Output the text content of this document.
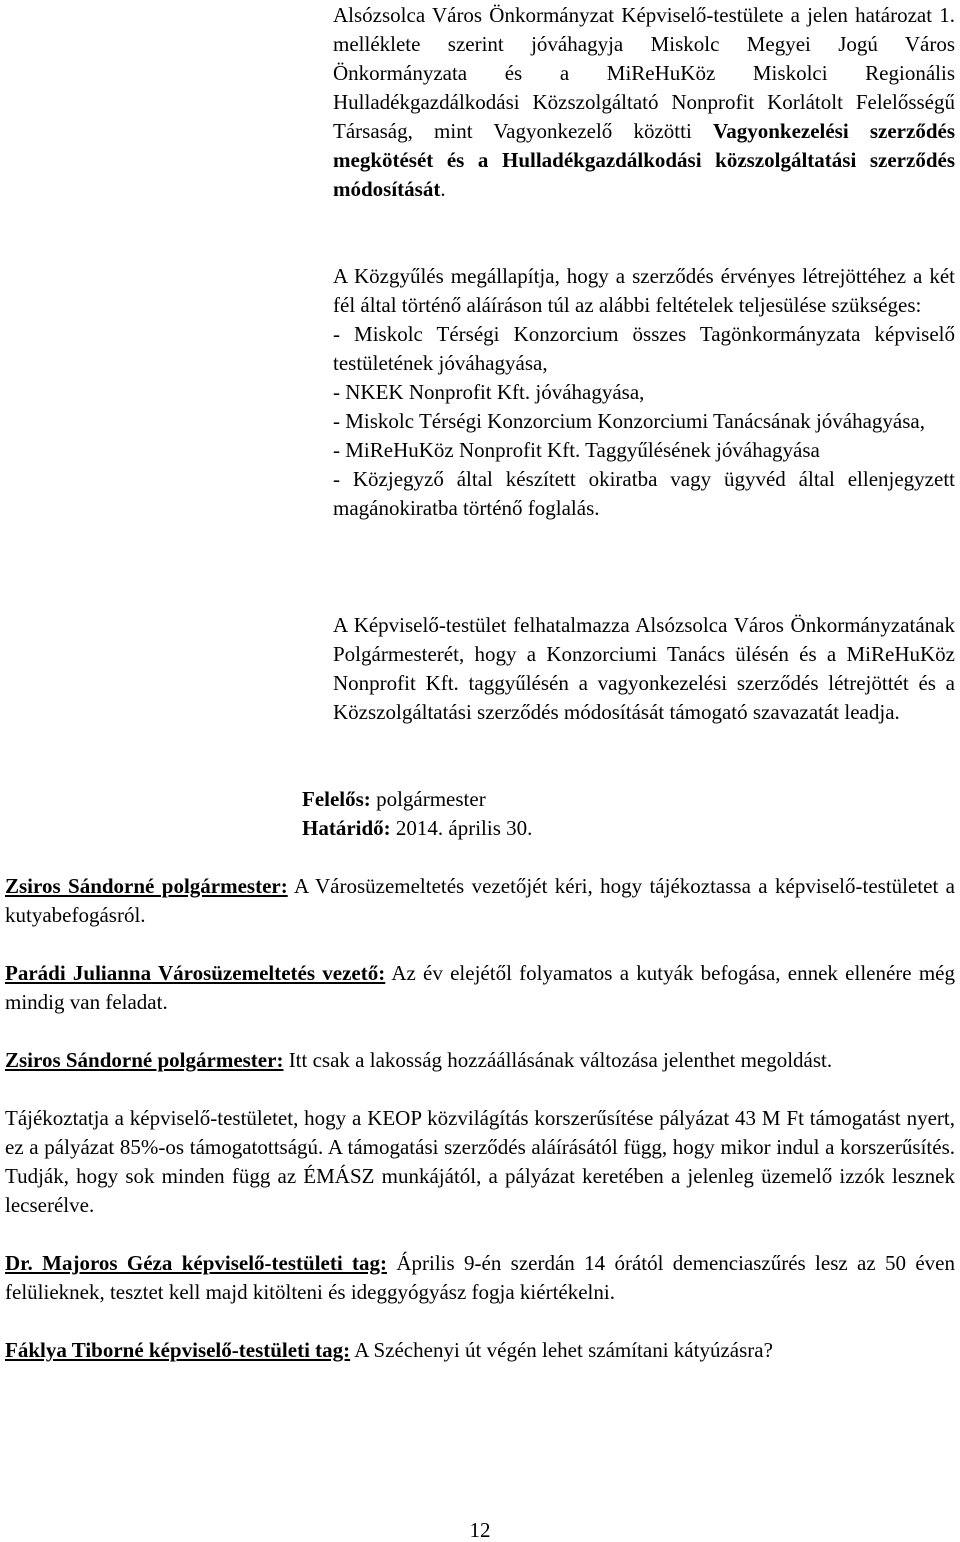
Alsózsolca Város Önkormányzat Képviselő-testülete a jelen határozat 1. melléklete szerint jóváhagyja Miskolc Megyei Jogú Város Önkormányzata és a MiReHuKöz Miskolci Regionális Hulladékgazdálkodási Közszolgáltató Nonprofit Korlátolt Felelősségű Társaság, mint Vagyonkezelő közötti Vagyonkezelési szerződés megkötését és a Hulladékgazdálkodási közszolgáltatási szerződés módosítását.

A Közgyűlés megállapítja, hogy a szerződés érvényes létrejöttéhez a két fél által történő aláíráson túl az alábbi feltételek teljesülése szükséges:
- Miskolc Térségi Konzorcium összes Tagönkormányzata képviselő testületének jóváhagyása,
- NKEK Nonprofit Kft. jóváhagyása,
- Miskolc Térségi Konzorcium Konzorciumi Tanácsának jóváhagyása,
- MiReHuKöz Nonprofit Kft. Taggyűlésének jóváhagyása
- Közjegyző által készített okiratba vagy ügyvéd által ellenjegyzett magánokiratba történő foglalás.

A Képviselő-testület felhatalmazza Alsózsolca Város Önkormányzatának Polgármesterét, hogy a Konzorciumi Tanács ülésén és a MiReHuKöz Nonprofit Kft. taggyűlésén a vagyonkezelési szerződés létrejöttét és a Közszolgáltatási szerződés módosítását támogató szavazatát leadja.

Felelős: polgármester
Határidő: 2014. április 30.

Zsiros Sándorné polgármester: A Városüzemeltetés vezetőjét kéri, hogy tájékoztassa a képviselő-testületet a kutyabefogásról.

Parádi Julianna Városüzemeltetés vezető: Az év elejétől folyamatos a kutyák befogása, ennek ellenére még mindig van feladat.

Zsiros Sándorné polgármester: Itt csak a lakosság hozzáállásának változása jelenthet megoldást.

Tájékoztatja a képviselő-testületet, hogy a KEOP közvilágítás korszerűsítése pályázat 43 M Ft támogatást nyert, ez a pályázat 85%-os támogatottságú. A támogatási szerződés aláírásától függ, hogy mikor indul a korszerűsítés. Tudják, hogy sok minden függ az ÉMÁSZ munkájától, a pályázat keretében a jelenleg üzemelő izzók lesznek lecserélve.

Dr. Majoros Géza képviselő-testületi tag: Április 9-én szerdán 14 órától demenciaszűrés lesz az 50 éven felülieknek, tesztet kell majd kitölteni és ideggyógyász fogja kiértékelni.

Fáklya Tiborné képviselő-testületi tag: A Széchenyi út végén lehet számítani kátyúzásra?

12
